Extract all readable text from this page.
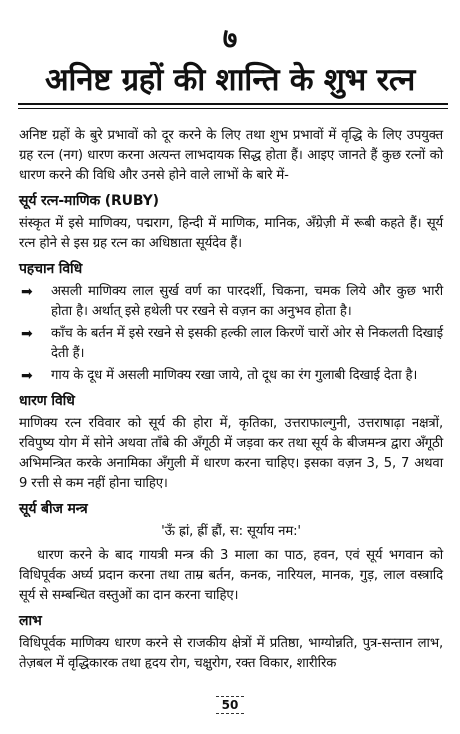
७
अनिष्ट ग्रहों की शान्ति के शुभ रत्न

अनिष्ट ग्रहों के बुरे प्रभावों को दूर करने के लिए तथा शुभ प्रभावों में वृद्धि के लिए उपयुक्त ग्रह रत्न (नग) धारण करना अत्यन्त लाभदायक सिद्ध होता हैं। आइए जानते हैं कुछ रत्नों को धारण करने की विधि और उनसे होने वाले लाभों के बारे में-

सूर्य रत्न-माणिक (RUBY)

संस्कृत में इसे माणिक्य, पद्मराग, हिन्दी में माणिक, मानिक, अँग्रेज़ी में रूबी कहते हैं। सूर्य रत्न होने से इस ग्रह रत्न का अधिष्ठाता सूर्यदेव हैं।

पहचान विधि
➡ असली माणिक्य लाल सुर्ख वर्ण का पारदर्शी, चिकना, चमक लिये और कुछ भारी होता है। अर्थात् इसे हथेली पर रखने से वज़न का अनुभव होता है।
➡ काँच के बर्तन में इसे रखने से इसकी हल्की लाल किरणें चारों ओर से निकलती दिखाई देती हैं।
➡ गाय के दूध में असली माणिक्य रखा जाये, तो दूध का रंग गुलाबी दिखाई देता है।
धारण विधि

माणिक्य रत्न रविवार को सूर्य की होरा में, कृतिका, उत्तराफाल्गुनी, उत्तराषाढ़ा नक्षत्रों, रविपुष्य योग में सोने अथवा ताँबे की अँगूठी में जड़वा कर तथा सूर्य के बीजमन्त्र द्वारा अँगूठी अभिमन्त्रित करके अनामिका अँगुली में धारण करना चाहिए। इसका वज़न 3, 5, 7 अथवा 9 रत्ती से कम नहीं होना चाहिए।

सूर्य बीज मन्त्र

'ऊँ ह्रां, ह्रीं ह्रौं, स: सूर्याय नम:'

धारण करने के बाद गायत्री मन्त्र की 3 माला का पाठ, हवन, एवं सूर्य भगवान को विधिपूर्वक अर्घ्य प्रदान करना तथा ताम्र बर्तन, कनक, नारियल, मानक, गुड़, लाल वस्त्रादि सूर्य से सम्बन्धित वस्तुओं का दान करना चाहिए।

लाभ

विधिपूर्वक माणिक्य धारण करने से राजकीय क्षेत्रों में प्रतिष्ठा, भाग्योन्नति, पुत्र-सन्तान लाभ, तेज़बल में वृद्धिकारक तथा हृदय रोग, चक्षुरोग, रक्त विकार, शारीरिक

50
